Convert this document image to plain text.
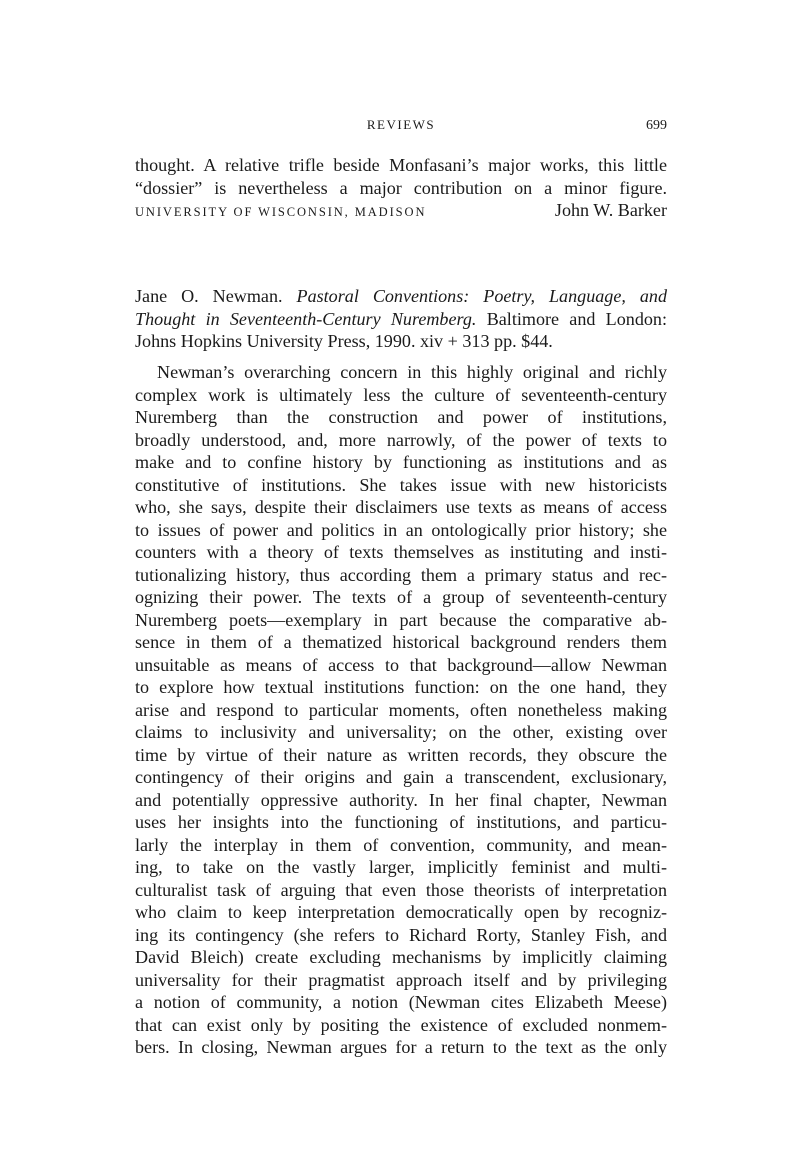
REVIEWS	699
thought. A relative trifle beside Monfasani’s major works, this little
“dossier” is nevertheless a major contribution on a minor figure.
UNIVERSITY OF WISCONSIN, MADISON	John W. Barker
Jane O. Newman. Pastoral Conventions: Poetry, Language, and
Thought in Seventeenth-Century Nuremberg. Baltimore and London:
Johns Hopkins University Press, 1990. xiv + 313 pp. $44.
Newman’s overarching concern in this highly original and richly
complex work is ultimately less the culture of seventeenth-century
Nuremberg than the construction and power of institutions,
broadly understood, and, more narrowly, of the power of texts to
make and to confine history by functioning as institutions and as
constitutive of institutions. She takes issue with new historicists
who, she says, despite their disclaimers use texts as means of access
to issues of power and politics in an ontologically prior history; she
counters with a theory of texts themselves as instituting and insti-
tutionalizing history, thus according them a primary status and rec-
ognizing their power. The texts of a group of seventeenth-century
Nuremberg poets—exemplary in part because the comparative ab-
sence in them of a thematized historical background renders them
unsuitable as means of access to that background—allow Newman
to explore how textual institutions function: on the one hand, they
arise and respond to particular moments, often nonetheless making
claims to inclusivity and universality; on the other, existing over
time by virtue of their nature as written records, they obscure the
contingency of their origins and gain a transcendent, exclusionary,
and potentially oppressive authority. In her final chapter, Newman
uses her insights into the functioning of institutions, and particu-
larly the interplay in them of convention, community, and mean-
ing, to take on the vastly larger, implicitly feminist and multi-
culturalist task of arguing that even those theorists of interpretation
who claim to keep interpretation democratically open by recogniz-
ing its contingency (she refers to Richard Rorty, Stanley Fish, and
David Bleich) create excluding mechanisms by implicitly claiming
universality for their pragmatist approach itself and by privileging
a notion of community, a notion (Newman cites Elizabeth Meese)
that can exist only by positing the existence of excluded nonmem-
bers. In closing, Newman argues for a return to the text as the only
